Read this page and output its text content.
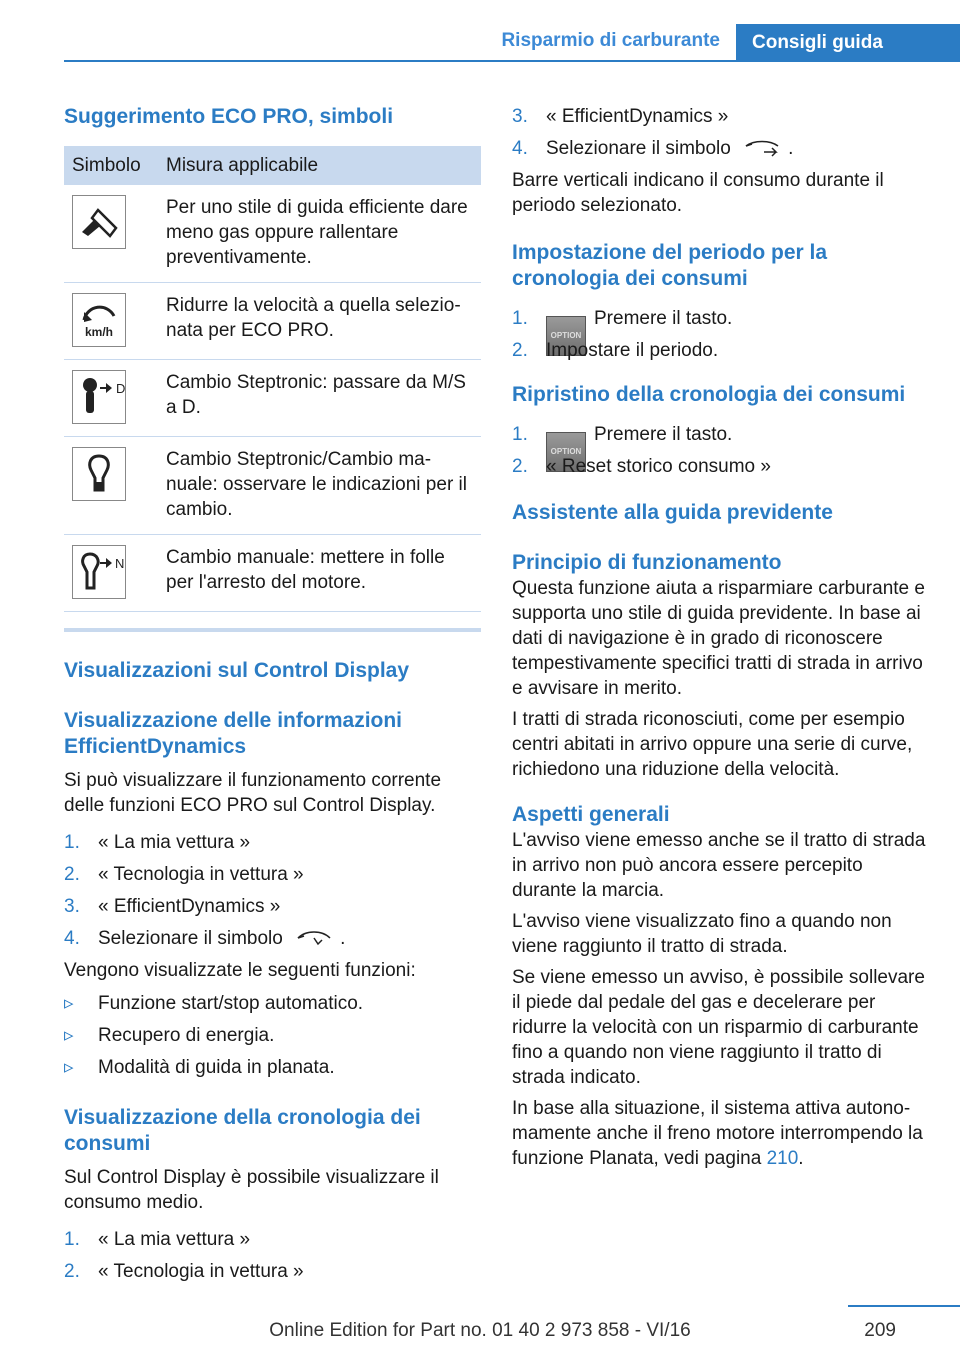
Risparmio di carburante	Consigli guida
Suggerimento ECO PRO, simboli
Simbolo	Misura applicabile

	Per uno stile di guida efficiente dare meno gas oppure rallentare preventivamente.

km/h	Ridurre la velocità a quella selezionata per ECO PRO.

D	Cambio Steptronic: passare da M/S a D.

	Cambio Steptronic/Cambio manuale: osservare le indicazioni per il cambio.

N	Cambio manuale: mettere in folle per l'arresto del motore.
Visualizzazioni sul Control Display
Visualizzazione delle informazioni EfficientDynamics

Si può visualizzare il funzionamento corrente delle funzioni ECO PRO sul Control Display.

1. « La mia vettura »
2. « Tecnologia in vettura »
3. « EfficientDynamics »
4. Selezionare il simbolo	.

Vengono visualizzate le seguenti funzioni:

▹ Funzione start/stop automatico.
▹ Recupero di energia.
▹ Modalità di guida in planata.
Visualizzazione della cronologia dei consumi

Sul Control Display è possibile visualizzare il consumo medio.

1. « La mia vettura »
2. « Tecnologia in vettura »
3. « EfficientDynamics »
4. Selezionare il simbolo	.

Barre verticali indicano il consumo durante il periodo selezionato.

Impostazione del periodo per la cronologia dei consumi
1.
OPTIONPremere il tasto.
2. Impostare il periodo.
Ripristino della cronologia dei consumi
1.
OPTIONPremere il tasto.
2. « Reset storico consumo »
Assistente alla guida previdente
Principio di funzionamento

Questa funzione aiuta a risparmiare carburante e supporta uno stile di guida previdente. In base ai dati di navigazione è in grado di riconoscere tempestivamente specifici tratti di strada in arrivo e avvisare in merito.

I tratti di strada riconosciuti, come per esempio centri abitati in arrivo oppure una serie di curve, richiedono una riduzione della velocità.

Aspetti generali

L'avviso viene emesso anche se il tratto di strada in arrivo non può ancora essere percepito durante la marcia.

L'avviso viene visualizzato fino a quando non viene raggiunto il tratto di strada.

Se viene emesso un avviso, è possibile sollevare il piede dal pedale del gas e decelerare per ridurre la velocità con un risparmio di carburante fino a quando non viene raggiunto il tratto di strada indicato.

In base alla situazione, il sistema attiva autonomamente anche il freno motore interrompendo la funzione Planata, vedi pagina 210.

209
Online Edition for Part no. 01 40 2 973 858 - VI/16
